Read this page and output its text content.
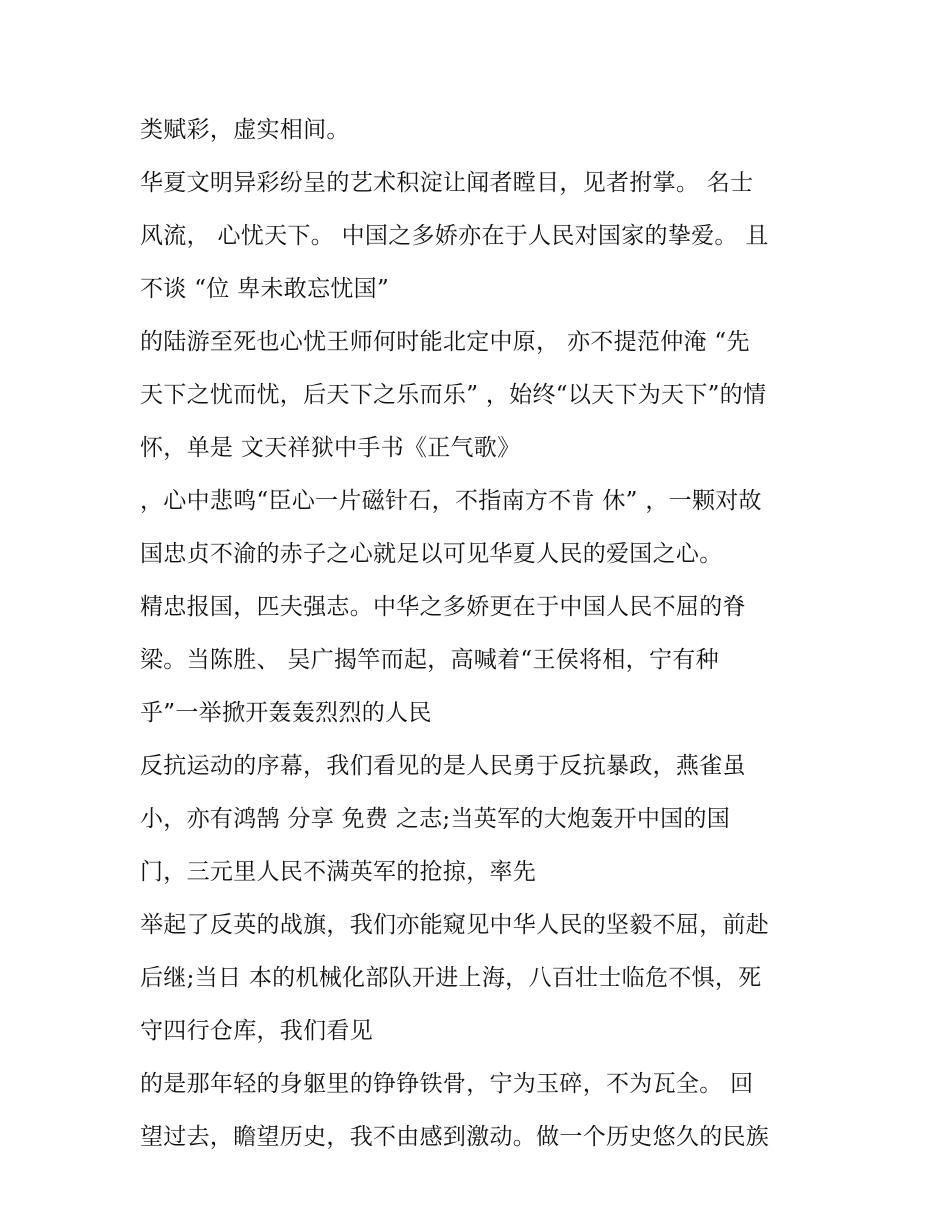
类赋彩，虚实相间。
华夏文明异彩纷呈的艺术积淀让闻者瞠目，见者拊掌。 名士
风流， 心忧天下。 中国之多娇亦在于人民对国家的挚爱。 且
不谈 “位 卑未敢忘忧国”
的陆游至死也心忧王师何时能北定中原， 亦不提范仲淹 “先
天下之忧而忧，后天下之乐而乐” ，始终“以天下为天下”的情
怀，单是 文天祥狱中手书《正气歌》
，心中悲鸣“臣心一片磁针石，不指南方不肯 休” ，一颗对故
国忠贞不渝的赤子之心就足以可见华夏人民的爱国之心。
精忠报国，匹夫强志。中华之多娇更在于中国人民不屈的脊
梁。当陈胜、 吴广揭竿而起，高喊着“王侯将相，宁有种
乎”一举掀开轰轰烈烈的人民
反抗运动的序幕，我们看见的是人民勇于反抗暴政，燕雀虽
小，亦有鸿鹄 分享 免费 之志;当英军的大炮轰开中国的国
门，三元里人民不满英军的抢掠，率先
举起了反英的战旗，我们亦能窥见中华人民的坚毅不屈，前赴
后继;当日 本的机械化部队开进上海，八百壮士临危不惧，死
守四行仓库，我们看见
的是那年轻的身躯里的铮铮铁骨，宁为玉碎，不为瓦全。 回
望过去，瞻望历史，我不由感到激动。做一个历史悠久的民族
